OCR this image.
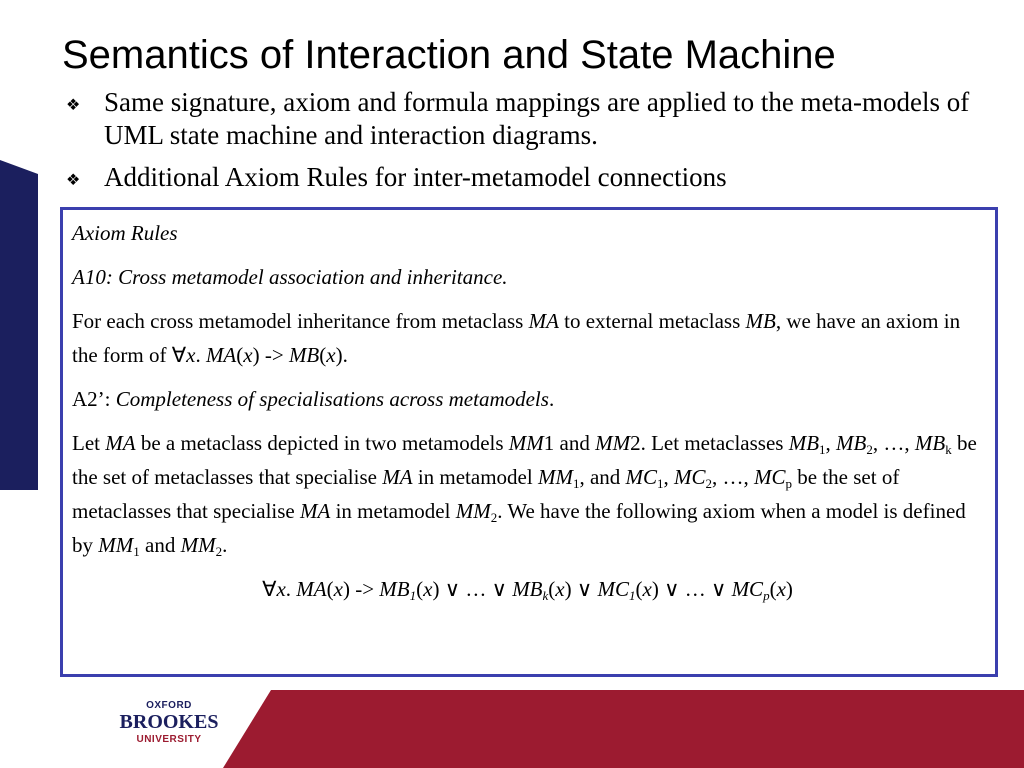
Semantics of Interaction and State Machine
❖ Same signature, axiom and formula mappings are applied to the meta-models of UML state machine and interaction diagrams.
❖ Additional Axiom Rules for inter-metamodel connections

Axiom Rules

A10: Cross metamodel association and inheritance.

For each cross metamodel inheritance from metaclass MA to external metaclass MB, we have an axiom in the form of ∀x. MA(x) -> MB(x).

A2’: Completeness of specialisations across metamodels.

Let MA be a metaclass depicted in two metamodels MM1 and MM2. Let metaclasses $MB_1$, $MB_2$, …, $MB_k$ be the set of metaclasses that specialise MA in metamodel $MM_1$, and $MC_1$, $MC_2$, …, $MC_p$ be the set of metaclasses that specialise MA in metamodel $MM_2$. We have the following axiom when a model is defined by $MM_1$ and $MM_2$.

∀x. $MA(x) -> MB_1(x)$ ∨ … ∨ $MB_k(x)$ ∨ $MC_1(x)$ ∨ … ∨ $MC_p(x)$

OXFORD
BROOKES
UNIVERSITY
